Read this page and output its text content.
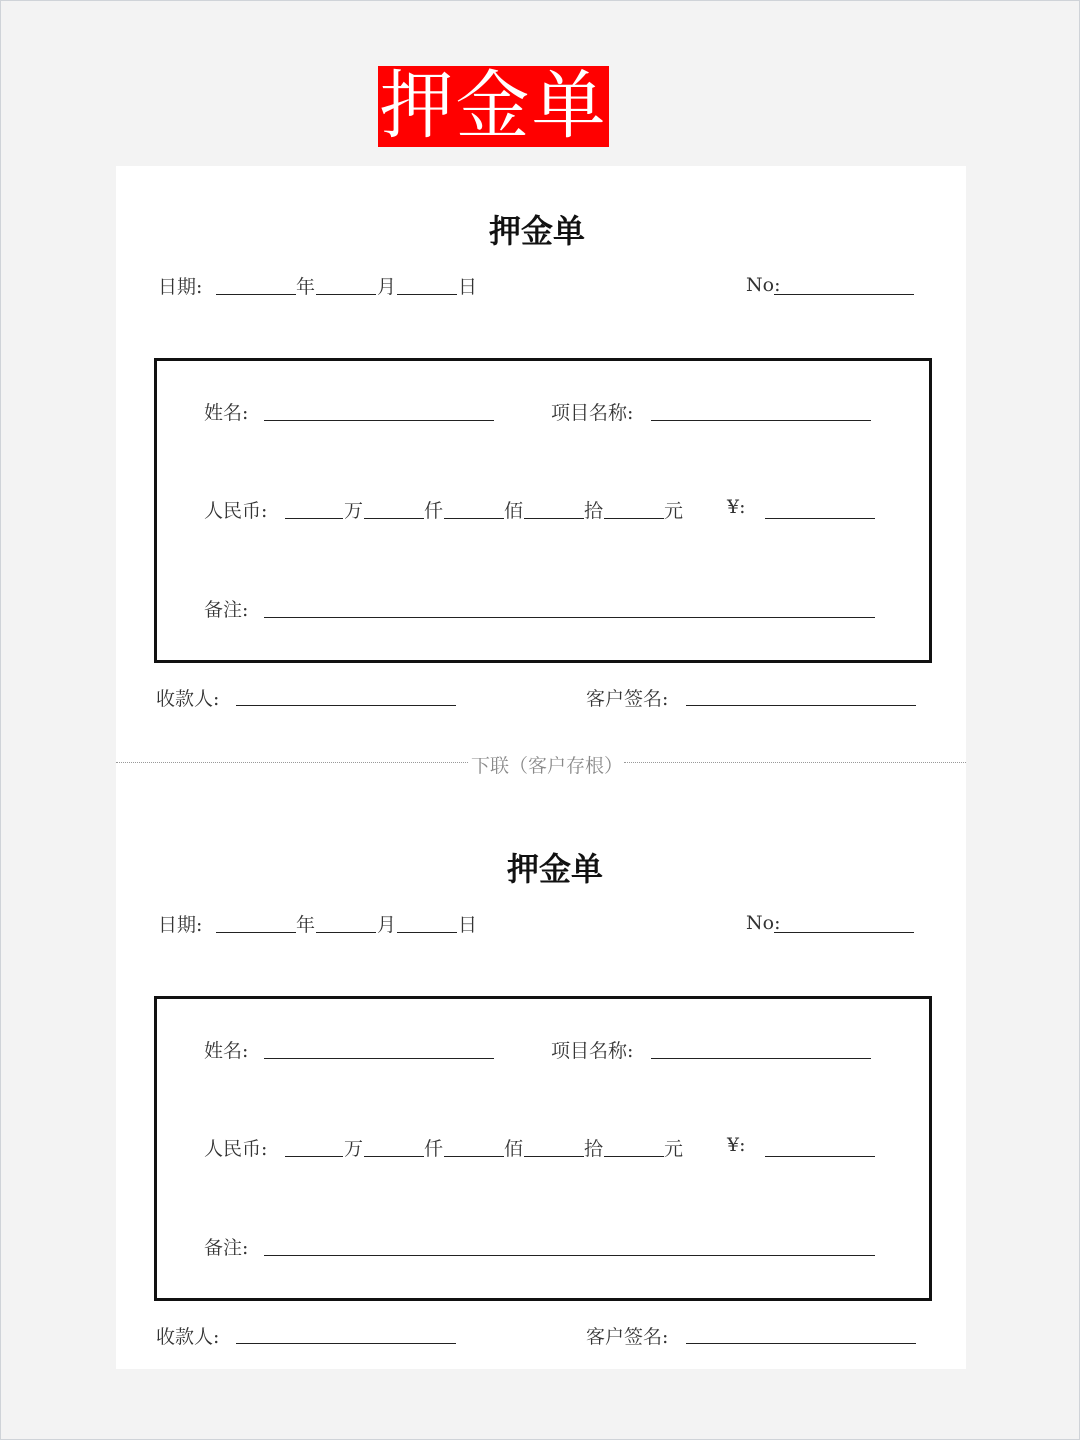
押金单
押金单
日期:	年	月	日	No:
姓名:	项目名称:
人民币:	万	仟	佰	拾	元 ¥:
备注:
收款人:	客户签名:
下联（客户存根）
押金单
日期:	年	月	日	No:
姓名:	项目名称:
人民币:	万	仟	佰	拾	元 ¥:
备注:
收款人:	客户签名:
